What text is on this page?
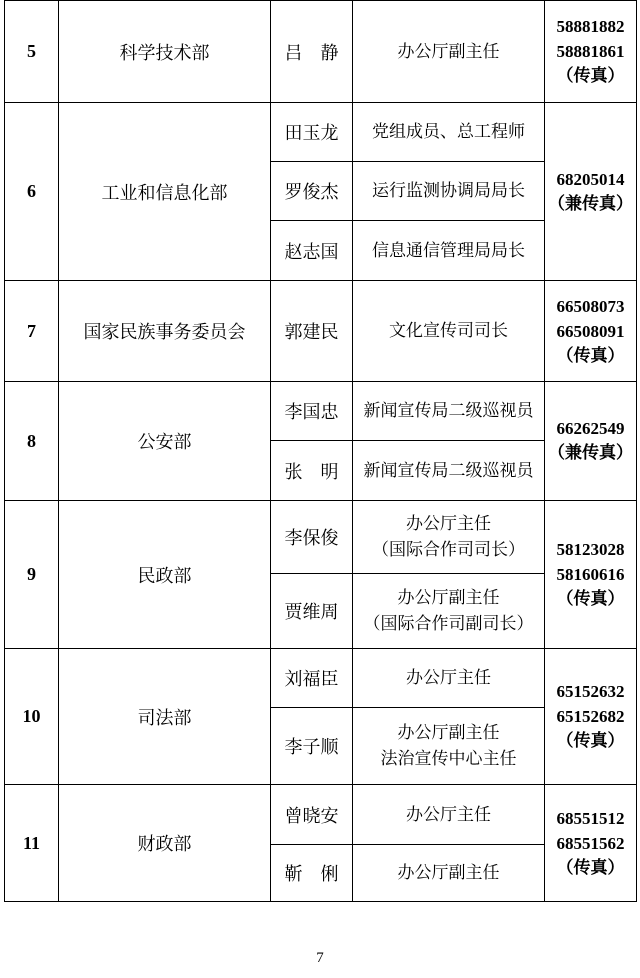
5	科学技术部	吕　静	办公厅副主任	58881882
58881861
（传真）

6	工业和信息化部	田玉龙	党组成员、总工程师	68205014
（兼传真）

		罗俊杰	运行监测协调局局长	

		赵志国	信息通信管理局局长	

7	国家民族事务委员会	郭建民	文化宣传司司长	66508073
66508091
（传真）

8	公安部	李国忠	新闻宣传局二级巡视员	66262549
（兼传真）

		张　明	新闻宣传局二级巡视员	

9	民政部	李保俊	办公厅主任
（国际合作司司长）	58123028
58160616
（传真）

		贾维周	办公厅副主任
（国际合作司副司长）	

10	司法部	刘福臣	办公厅主任	65152632
65152682
（传真）

		李子顺	办公厅副主任
法治宣传中心主任	

11	财政部	曾晓安	办公厅主任	68551512
68551562
（传真）

		靳　俐	办公厅副主任	
7
